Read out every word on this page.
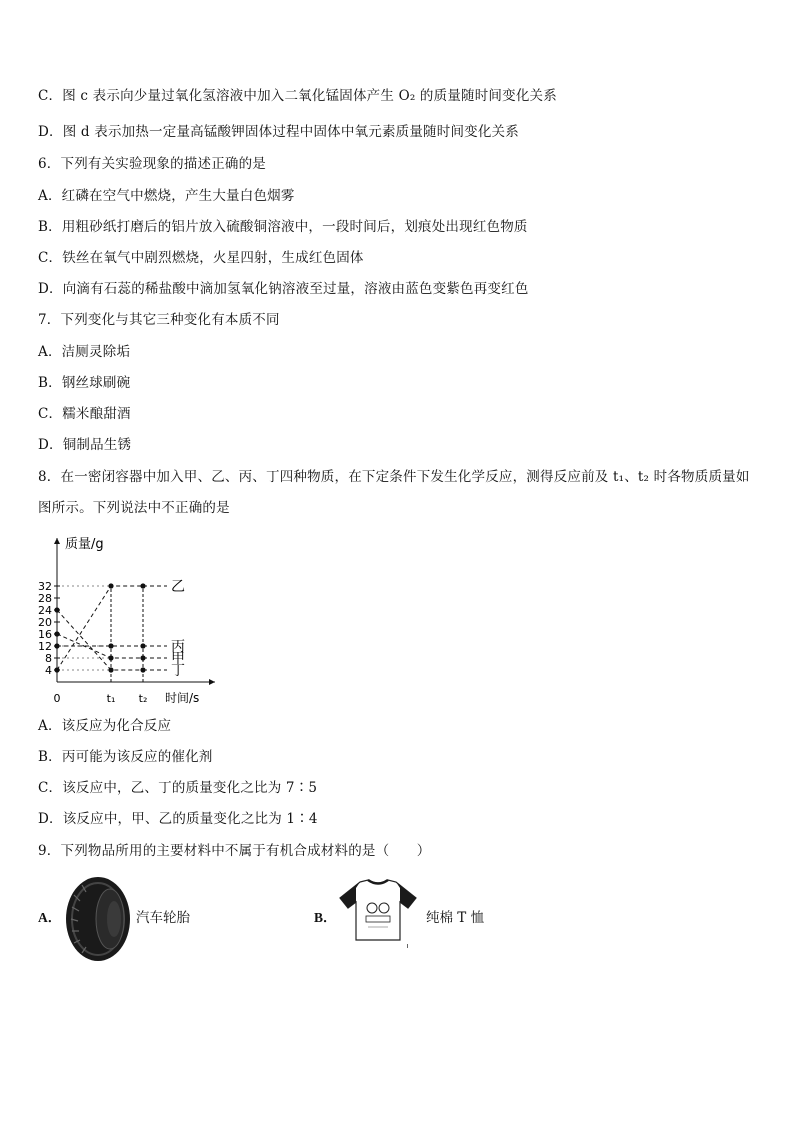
C．图 c 表示向少量过氧化氢溶液中加入二氧化锰固体产生 O₂ 的质量随时间变化关系
D．图 d 表示加热一定量高锰酸钾固体过程中固体中氧元素质量随时间变化关系
6．下列有关实验现象的描述正确的是
A．红磷在空气中燃烧，产生大量白色烟雾
B．用粗砂纸打磨后的铝片放入硫酸铜溶液中，一段时间后，划痕处出现红色物质
C．铁丝在氧气中剧烈燃烧，火星四射，生成红色固体
D．向滴有石蕊的稀盐酸中滴加氢氧化钠溶液至过量，溶液由蓝色变紫色再变红色
7．下列变化与其它三种变化有本质不同
A．洁厕灵除垢
B．钢丝球刷碗
C．糯米酿甜酒
D．铜制品生锈
8．在一密闭容器中加入甲、乙、丙、丁四种物质，在下定条件下发生化学反应，测得反应前及 t₁、t₂ 时各物质质量如
图所示。下列说法中不正确的是
质量/g
时间/s
4
8
12
16
20
24
28
32
0	t₁ t₂
乙
丙
甲
丁
A．该反应为化合反应
B．丙可能为该反应的催化剂
C．该反应中，乙、丁的质量变化之比为 7∶5
D．该反应中，甲、乙的质量变化之比为 1∶4
9．下列物品所用的主要材料中不属于有机合成材料的是（　　）
A．	汽车轮胎	B．	纯棉 T 恤
